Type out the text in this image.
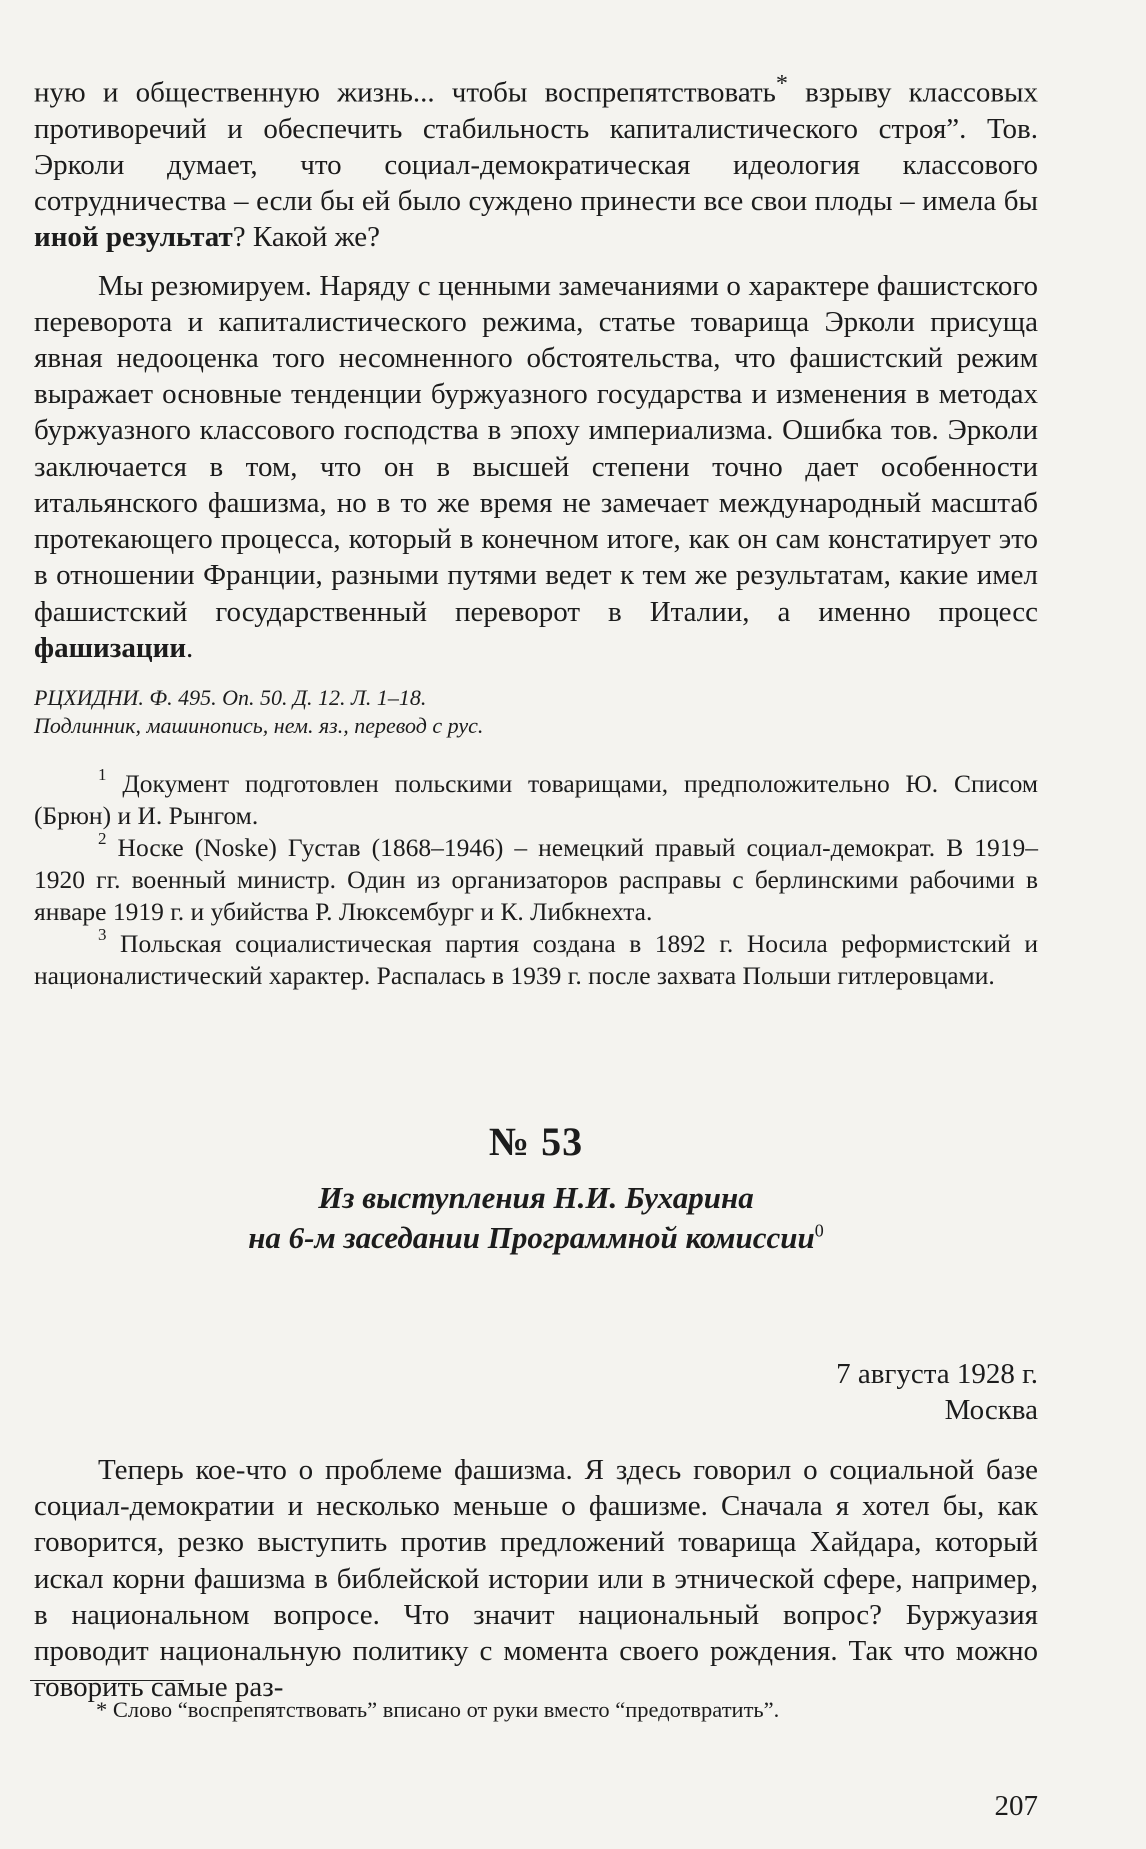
ную и общественную жизнь... чтобы воспрепятствовать* взрыву классовых противоречий и обеспечить стабильность капиталистического строя”. Тов. Эрколи думает, что социал-демократическая идеология классового сотрудничества – если бы ей было суждено принести все свои плоды – имела бы иной результат? Какой же?

Мы резюмируем. Наряду с ценными замечаниями о характере фашистского переворота и капиталистического режима, статье товарища Эрколи присуща явная недооценка того несомненного обстоятельства, что фашистский режим выражает основные тенденции буржуазного государства и изменения в методах буржуазного классового господства в эпоху империализма. Ошибка тов. Эрколи заключается в том, что он в высшей степени точно дает особенности итальянского фашизма, но в то же время не замечает международный масштаб протекающего процесса, который в конечном итоге, как он сам констатирует это в отношении Франции, разными путями ведет к тем же результатам, какие имел фашистский государственный переворот в Италии, а именно процесс фашизации.

РЦХИДНИ. Ф. 495. Оп. 50. Д. 12. Л. 1–18.
Подлинник, машинопись, нем. яз., перевод с рус.

$^1$ Документ подготовлен польскими товарищами, предположительно Ю. Списом (Брюн) и И. Рынгом.

$^2$ Носке (Noske) Густав (1868–1946) – немецкий правый социал-демократ. В 1919–1920 гг. военный министр. Один из организаторов расправы с берлинскими рабочими в январе 1919 г. и убийства Р. Люксембург и К. Либкнехта.

$^3$ Польская социалистическая партия создана в 1892 г. Носила реформистский и националистический характер. Распалась в 1939 г. после захвата Польши гитлеровцами.

№ 53
Из выступления Н.И. Бухарина
на 6-м заседании Программной комиссии$^0$
7 августа 1928 г.
Москва

Теперь кое-что о проблеме фашизма. Я здесь говорил о социальной базе социал-демократии и несколько меньше о фашизме. Сначала я хотел бы, как говорится, резко выступить против предложений товарища Хайдара, который искал корни фашизма в библейской истории или в этнической сфере, например, в национальном вопросе. Что значит национальный вопрос? Буржуазия проводит национальную политику с момента своего рождения. Так что можно говорить самые раз-

* Слово “воспрепятствовать” вписано от руки вместо “предотвратить”.
207
